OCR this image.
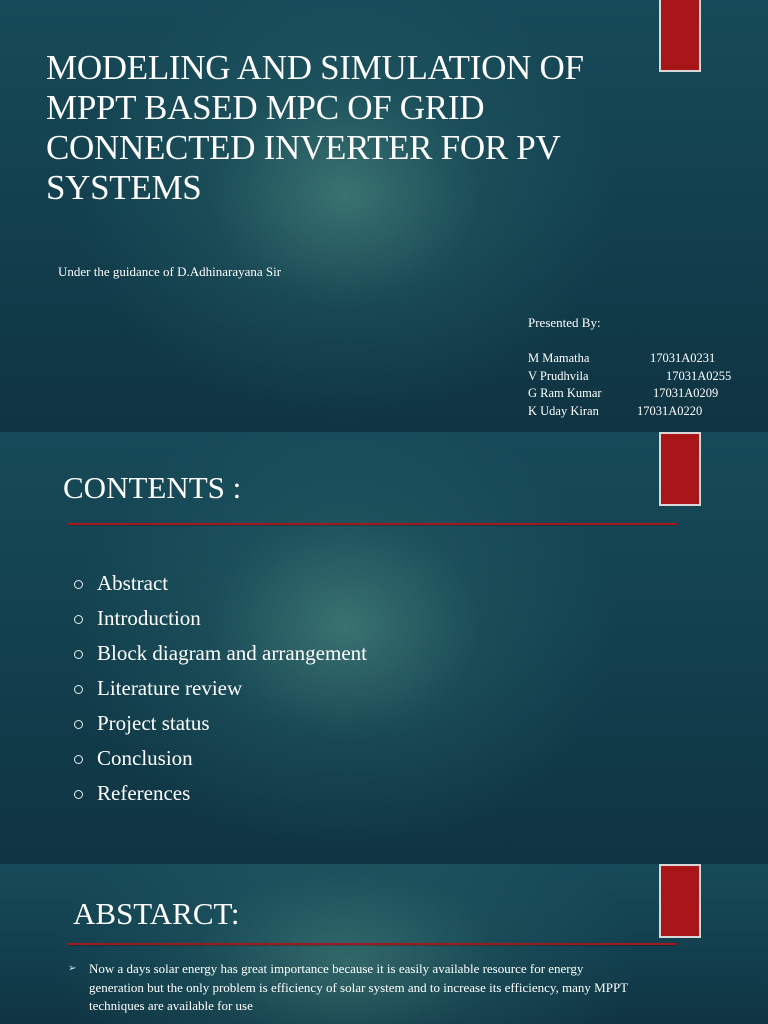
MODELING AND SIMULATION OF MPPT BASED MPC OF GRID CONNECTED INVERTER FOR PV SYSTEMS

Under the guidance of D.Adhinarayana Sir

Presented By:

M Mamatha	17031A0231
V Prudhvila	17031A0255
G Ram Kumar	17031A0209
K Uday Kiran	17031A0220
CONTENTS :
Abstract
Introduction
Block diagram and arrangement
Literature review
Project status
Conclusion
References
ABSTARCT:
➢ Now a days solar energy has great importance because it is easily available resource for energy generation but the only problem is efficiency of solar system and to increase its efficiency, many MPPT techniques are available for use
